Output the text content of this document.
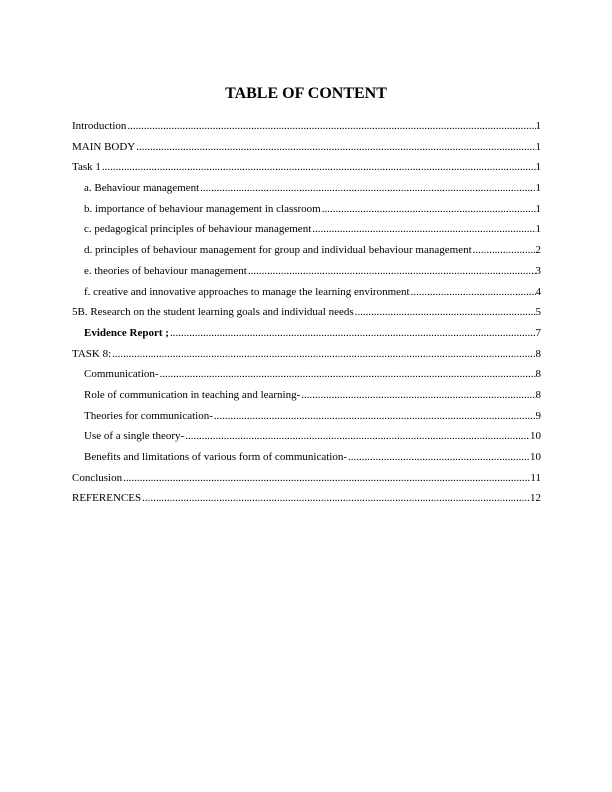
TABLE OF CONTENT
Introduction .....	1
MAIN BODY .....	1
Task 1 .....	1
a. Behaviour management .....	1
b. importance of behaviour management in classroom .....	1
c. pedagogical principles of behaviour management .....	1
d. principles of behaviour management for group and individual behaviour management .....	2
e. theories of behaviour management .....	3
f. creative and innovative approaches to manage the learning environment .....	4
5B. Research on the student learning goals and individual needs .....	5
Evidence Report ; .....	7
TASK 8: .....	8
Communication- .....	8
Role of communication in teaching and learning- .....	8
Theories for communication- .....	9
Use of a single theory- .....	10
Benefits and limitations of various form of communication- .....	10
Conclusion .....	11
REFERENCES .....	12
